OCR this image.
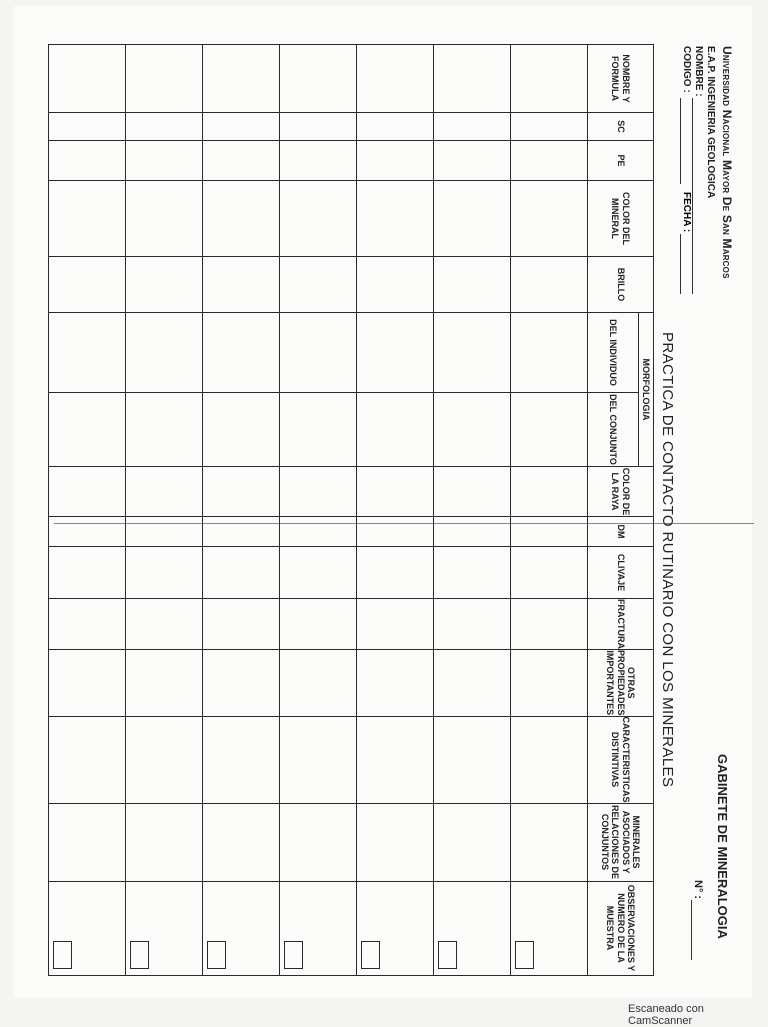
Universidad Nacional Mayor De San Marcos
E.A.P. INGENIERIA GEOLOGICA
NOMBRE :
CODIGO :
FECHA :
GABINETE DE MINERALOGIA
N° :
PRACTICA DE CONTACTO RUTINARIO CON LOS MINERALES
NOMBRE Y FORMULA	SC	PE	COLOR DEL MINERAL	BRILLO	MORFOLOGIA		COLOR DE LA RAYA	DM	CLIVAJE	FRACTURA	OTRAS PROPIEDADES IMPORTANTES	CARACTERISTICAS DISTINTIVAS	MINERALES ASOCIADOS Y RELACIONES DE CONJUNTOS	OBSERVACIONES Y NUMERO DE LA MUESTRA
					DEL INDIVIDUO	DEL CONJUNTO								

Escaneado con CamScanner
